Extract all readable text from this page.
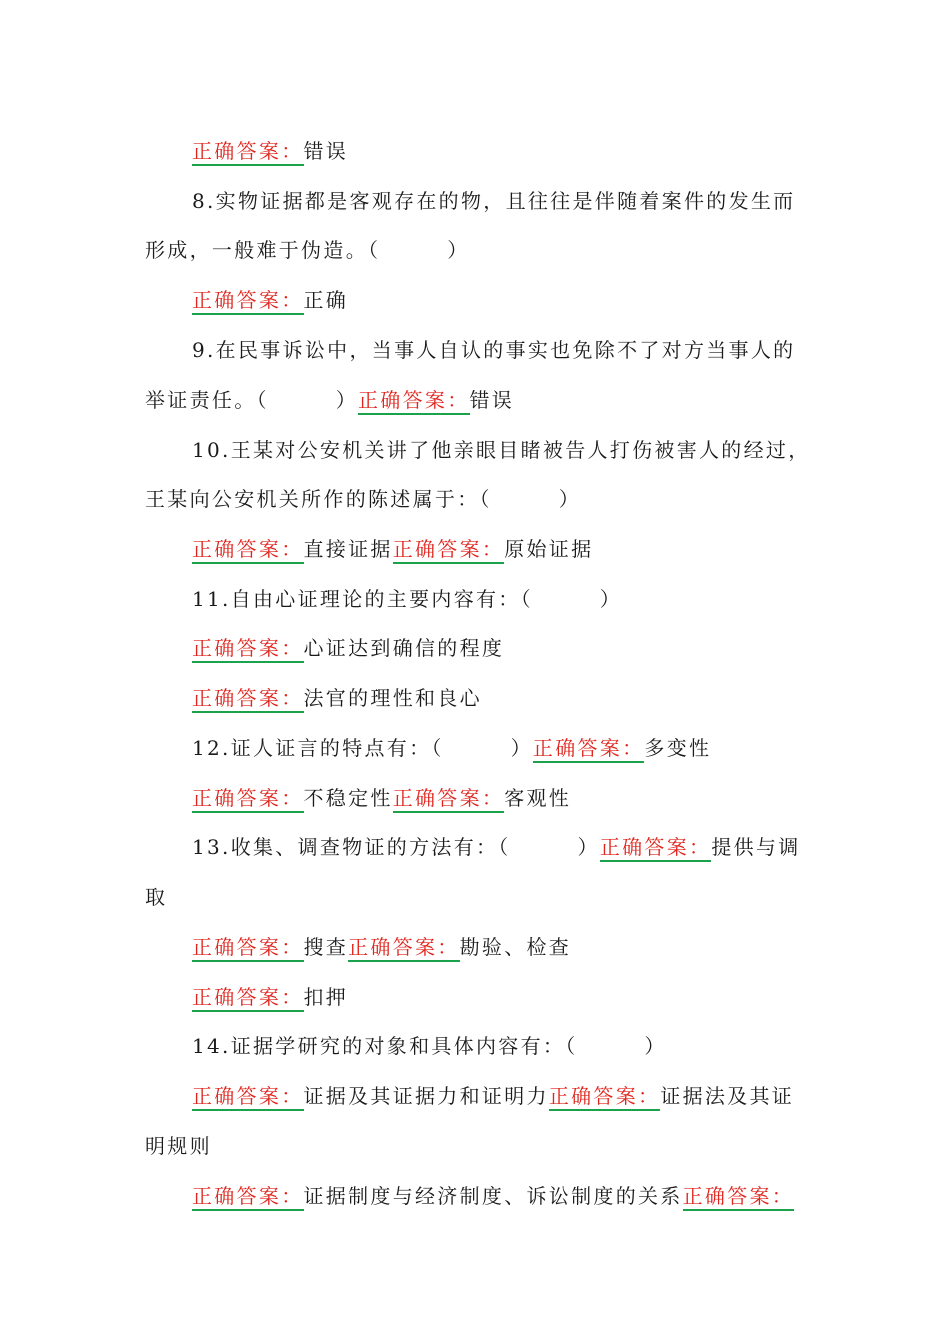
正确答案：错误
8.实物证据都是客观存在的物，且往往是伴随着案件的发生而
形成，一般难于伪造。（　　　）
正确答案：正确
9.在民事诉讼中，当事人自认的事实也免除不了对方当事人的
举证责任。（　　　）正确答案：错误
10.王某对公安机关讲了他亲眼目睹被告人打伤被害人的经过，
王某向公安机关所作的陈述属于：（　　　）
正确答案：直接证据正确答案：原始证据
11.自由心证理论的主要内容有：（　　　）
正确答案：心证达到确信的程度
正确答案：法官的理性和良心
12.证人证言的特点有：（　　　）正确答案：多变性
正确答案：不稳定性正确答案：客观性
13.收集、调查物证的方法有：（　　　）正确答案：提供与调
取
正确答案：搜查正确答案：勘验、检查
正确答案：扣押
14.证据学研究的对象和具体内容有：（　　　）
正确答案：证据及其证据力和证明力正确答案：证据法及其证
明规则
正确答案：证据制度与经济制度、诉讼制度的关系正确答案：
